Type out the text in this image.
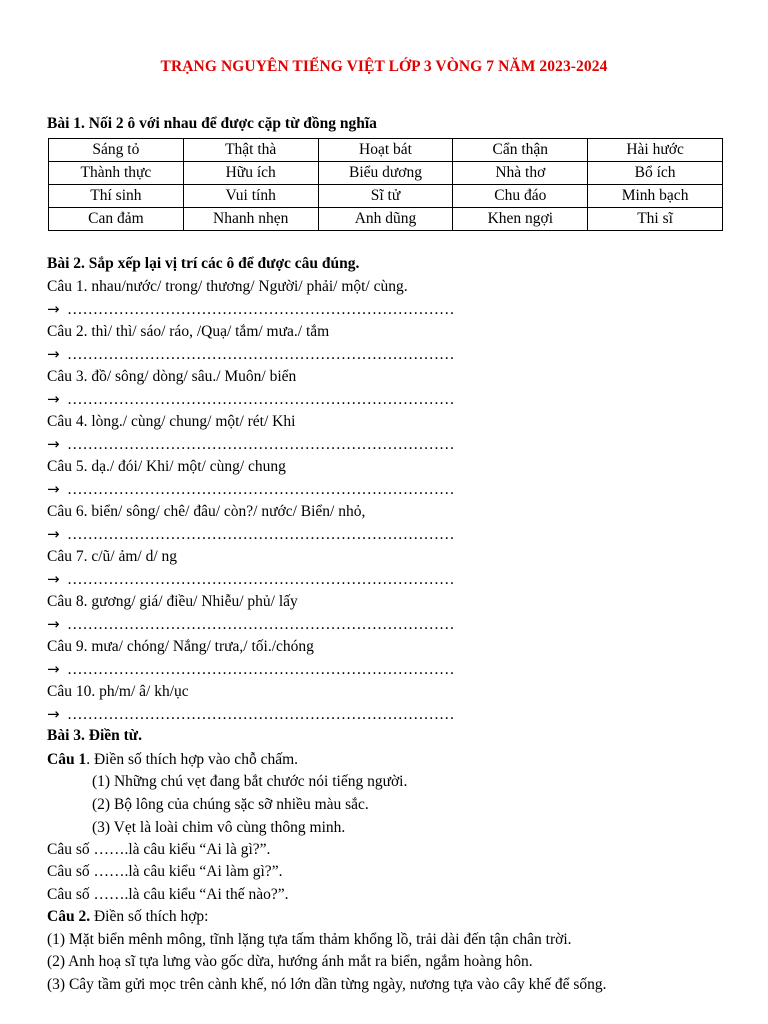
TRẠNG NGUYÊN TIẾNG VIỆT LỚP 3 VÒNG 7 NĂM 2023-2024
Bài 1. Nối 2 ô với nhau để được cặp từ đồng nghĩa
Sáng tỏ	Thật thà	Hoạt bát	Cẩn thận	Hài hước
Thành thực	Hữu ích	Biểu dương	Nhà thơ	Bổ ích
Thí sinh	Vui tính	Sĩ tử	Chu đáo	Minh bạch
Can đảm	Nhanh nhẹn	Anh dũng	Khen ngợi	Thi sĩ
Bài 2. Sắp xếp lại vị trí các ô để được câu đúng.
Câu 1. nhau/nước/ trong/ thương/ Người/ phải/ một/ cùng.
→ …………………………………………………………………
Câu 2. thì/ thì/ sáo/ ráo, /Quạ/ tắm/ mưa./ tắm
→ …………………………………………………………………
Câu 3. đồ/ sông/ dòng/ sâu./ Muôn/ biển
→ …………………………………………………………………
Câu 4. lòng./ cùng/ chung/ một/ rét/ Khi
→ …………………………………………………………………
Câu 5. dạ./ đói/ Khi/ một/ cùng/ chung
→ …………………………………………………………………
Câu 6. biển/ sông/ chê/ đâu/ còn?/ nước/ Biển/ nhỏ,
→ …………………………………………………………………
Câu 7. c/ũ/ ảm/ d/ ng
→ …………………………………………………………………
Câu 8. gương/ giá/ điều/ Nhiễu/ phủ/ lấy
→ …………………………………………………………………
Câu 9. mưa/ chóng/ Nắng/ trưa,/ tối./chóng
→ …………………………………………………………………
Câu 10. ph/m/ â/ kh/ục
→ …………………………………………………………………
Bài 3. Điền từ.
Câu 1. Điền số thích hợp vào chỗ chấm.
(1) Những chú vẹt đang bắt chước nói tiếng người.
(2) Bộ lông của chúng sặc sỡ nhiều màu sắc.
(3) Vẹt là loài chim vô cùng thông minh.
Câu số …….là câu kiểu “Ai là gì?”.
Câu số …….là câu kiểu “Ai làm gì?”.
Câu số …….là câu kiểu “Ai thế nào?”.
Câu 2. Điền số thích hợp:
(1) Mặt biển mênh mông, tĩnh lặng tựa tấm thảm khổng lồ, trải dài đến tận chân trời.
(2) Anh hoạ sĩ tựa lưng vào gốc dừa, hướng ánh mắt ra biển, ngắm hoàng hôn.
(3) Cây tầm gửi mọc trên cành khế, nó lớn dần từng ngày, nương tựa vào cây khế để sống.
